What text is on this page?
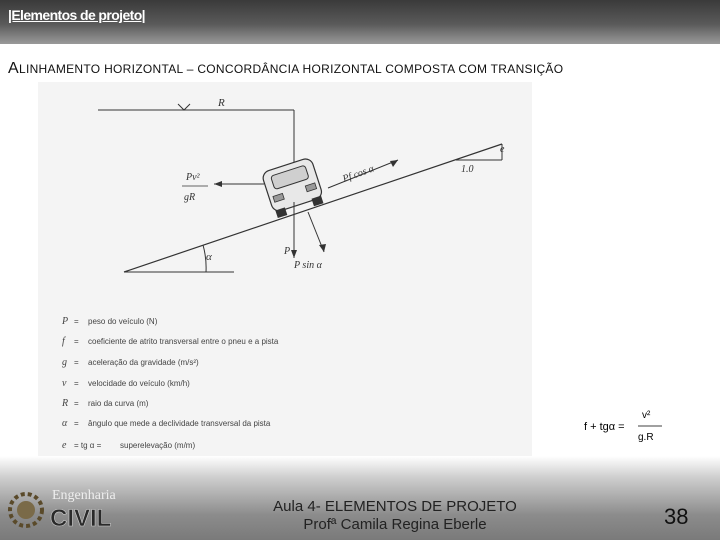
|Elementos de projeto|
ALINHAMENTO HORIZONTAL – CONCORDÂNCIA HORIZONTAL COMPOSTA COM TRANSIÇÃO
R
α
e
1.0
Pv²
gR
Pf cos α
P
P sin α
P = peso do veículo (N)
f = coeficiente de atrito transversal entre o pneu e a pista
g = aceleração da gravidade (m/s²)
v = velocidade do veículo (km/h)
R = raio da curva (m)
α = ângulo que mede a declividade transversal da pista
e = tg α = superelevação (m/m)
f + tgα =
v²
g.R
Engenharia
CIVIL	Aula 4- ELEMENTOS DE PROJETO
Profª Camila Regina Eberle	38
